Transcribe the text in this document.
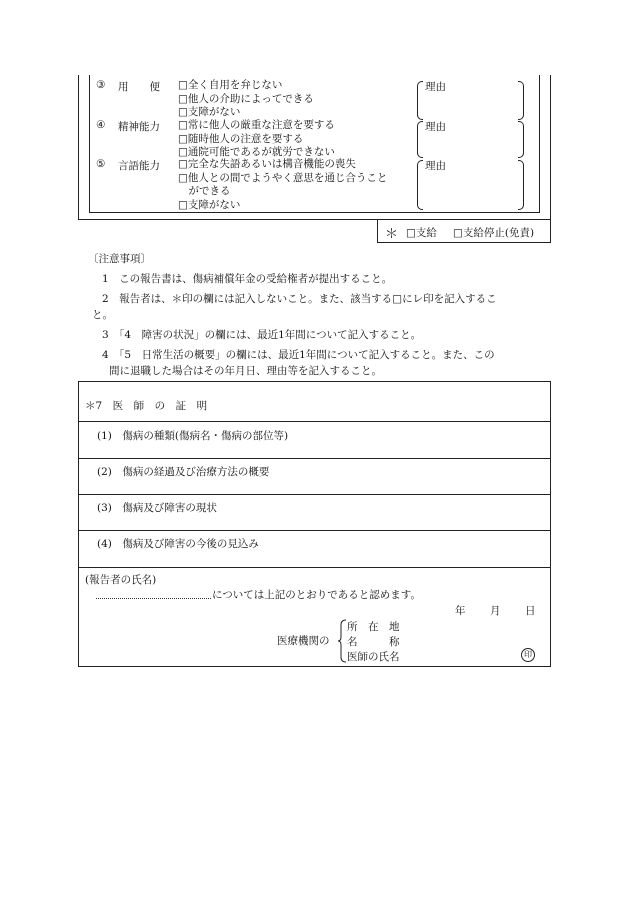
③ 用　　便 □全く自用を弁じない
□他人の介助によってできる
□支障がない
理由
④ 精神能力 □常に他人の厳重な注意を要する
□随時他人の注意を要する
□通院可能であるが就労できない
理由
⑤ 言語能力 □完全な失語あるいは構音機能の喪失
□他人との間でようやく意思を通じ合うこと
　ができる
□支障がない
理由
＊ □支給 □支給停止(免責)
〔注意事項〕
1　この報告書は、傷病補償年金の受給権者が提出すること。
2　報告者は、＊印の欄には記入しないこと。また、該当する□にレ印を記入するこ
と。
3　「4　障害の状況」の欄には、最近1年間について記入すること。
4　「5　日常生活の概要」の欄には、最近1年間について記入すること。また、この
間に退職した場合はその年月日、理由等を記入すること。
＊7　医　師　の　証　明
(1)　傷病の種類(傷病名・傷病の部位等)
(2)　傷病の経過及び治療方法の概要
(3)　傷病及び障害の現状
(4)　傷病及び障害の今後の見込み
(報告者の氏名)
については上記のとおりであると認めます。
年 月 日
医療機関の
所　在　地
名　　　称
医師の氏名	印
